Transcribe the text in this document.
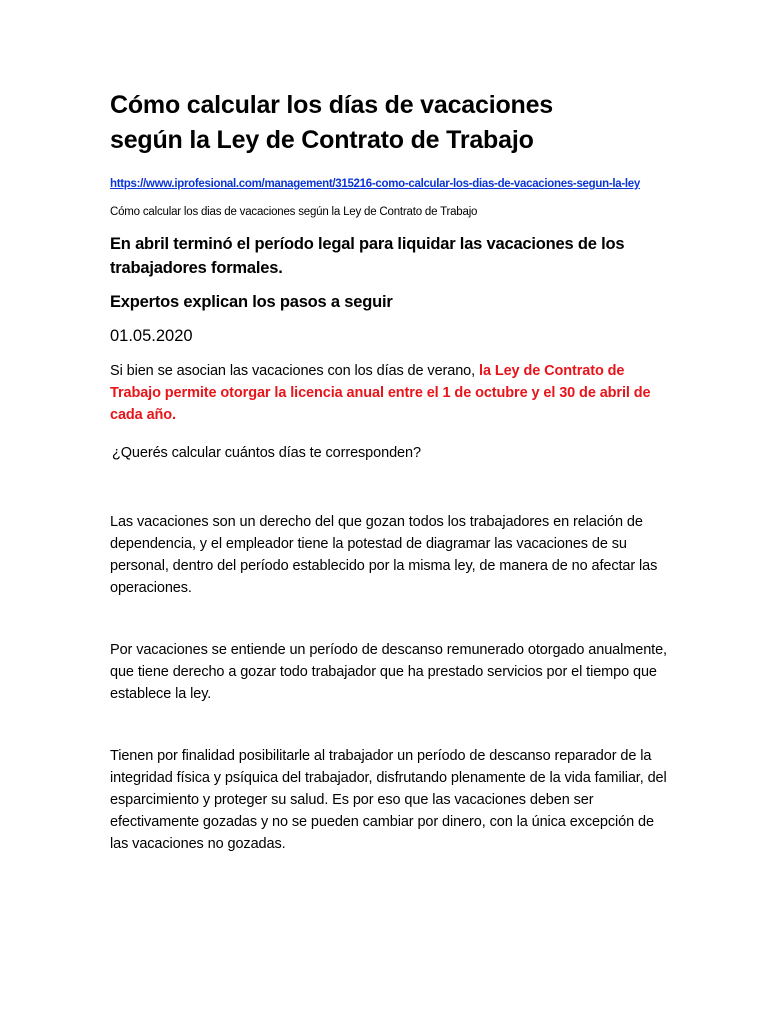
Cómo calcular los días de vacaciones
según la Ley de Contrato de Trabajo
https://www.iprofesional.com/management/315216-como-calcular-los-dias-de-vacaciones-segun-la-ley

Cómo calcular los dias de vacaciones según la Ley de Contrato de Trabajo

En abril terminó el período legal para liquidar las vacaciones de los trabajadores formales.

Expertos explican los pasos a seguir

01.05.2020

Si bien se asocian las vacaciones con los días de verano, la Ley de Contrato de Trabajo permite otorgar la licencia anual entre el 1 de octubre y el 30 de abril de cada año.

¿Querés calcular cuántos días te corresponden?

Las vacaciones son un derecho del que gozan todos los trabajadores en relación de dependencia, y el empleador tiene la potestad de diagramar las vacaciones de su personal, dentro del período establecido por la misma ley, de manera de no afectar las operaciones.

Por vacaciones se entiende un período de descanso remunerado otorgado anualmente, que tiene derecho a gozar todo trabajador que ha prestado servicios por el tiempo que establece la ley.

Tienen por finalidad posibilitarle al trabajador un período de descanso reparador de la integridad física y psíquica del trabajador, disfrutando plenamente de la vida familiar, del esparcimiento y proteger su salud. Es por eso que las vacaciones deben ser efectivamente gozadas y no se pueden cambiar por dinero, con la única excepción de las vacaciones no gozadas.
